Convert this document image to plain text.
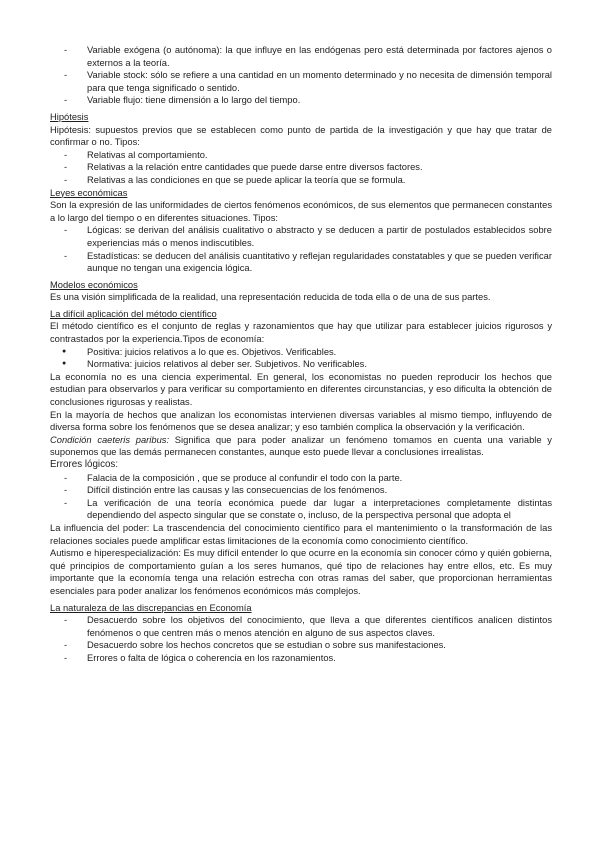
- Variable exógena (o autónoma): la que influye en las endógenas pero está determinada por factores ajenos o externos a la teoría.
- Variable stock: sólo se refiere a una cantidad en un momento determinado y no necesita de dimensión temporal para que tenga significado o sentido.
- Variable flujo: tiene dimensión a lo largo del tiempo.

Hipótesis

Hipótesis: supuestos previos que se establecen como punto de partida de la investigación y que hay que tratar de confirmar o no. Tipos:

- Relativas al comportamiento.
- Relativas a la relación entre cantidades que puede darse entre diversos factores.
- Relativas a las condiciones en que se puede aplicar la teoría que se formula.

Leyes económicas

Son la expresión de las uniformidades de ciertos fenómenos económicos, de sus elementos que permanecen constantes a lo largo del tiempo o en diferentes situaciones. Tipos:

- Lógicas: se derivan del análisis cualitativo o abstracto y se deducen a partir de postulados establecidos sobre experiencias más o menos indiscutibles.
- Estadísticas: se deducen del análisis cuantitativo y reflejan regularidades constatables y que se pueden verificar aunque no tengan una exigencia lógica.

Modelos económicos

Es una visión simplificada de la realidad, una representación reducida de toda ella o de una de sus partes.

La difícil aplicación del método científico

El método científico es el conjunto de reglas y razonamientos que hay que utilizar para establecer juicios rigurosos y contrastados por la experiencia.Tipos de economía:

● Positiva: juicios relativos a lo que es. Objetivos. Verificables.
● Normativa: juicios relativos al deber ser. Subjetivos. No verificables.

La economía no es una ciencia experimental. En general, los economistas no pueden reproducir los hechos que estudian para observarlos y para verificar su comportamiento en diferentes circunstancias, y eso dificulta la obtención de conclusiones rigurosas y realistas.

En la mayoría de hechos que analizan los economistas intervienen diversas variables al mismo tiempo, influyendo de diversa forma sobre los fenómenos que se desea analizar; y eso también complica la observación y la verificación.

Condición caeteris paribus: Significa que para poder analizar un fenómeno tomamos en cuenta una variable y suponemos que las demás permanecen constantes, aunque esto puede llevar a conclusiones irrealistas.

Errores lógicos:

- Falacia de la composición , que se produce al confundir el todo con la parte.
- Difícil distinción entre las causas y las consecuencias de los fenómenos.
- La verificación de una teoría económica puede dar lugar a interpretaciones completamente distintas dependiendo del aspecto singular que se constate o, incluso, de la perspectiva personal que adopta el

La influencia del poder: La trascendencia del conocimiento científico para el mantenimiento o la transformación de las relaciones sociales puede amplificar estas limitaciones de la economía como conocimiento científico.

Autismo e hiperespecialización: Es muy difícil entender lo que ocurre en la economía sin conocer cómo y quién gobierna, qué principios de comportamiento guían a los seres humanos, qué tipo de relaciones hay entre ellos, etc. Es muy importante que la economía tenga una relación estrecha con otras ramas del saber, que proporcionan herramientas esenciales para poder analizar los fenómenos económicos más complejos.

La naturaleza de las discrepancias en Economía

- Desacuerdo sobre los objetivos del conocimiento, que lleva a que diferentes científicos analicen distintos fenómenos o que centren más o menos atención en alguno de sus aspectos claves.
- Desacuerdo sobre los hechos concretos que se estudian o sobre sus manifestaciones.
- Errores o falta de lógica o coherencia en los razonamientos.
